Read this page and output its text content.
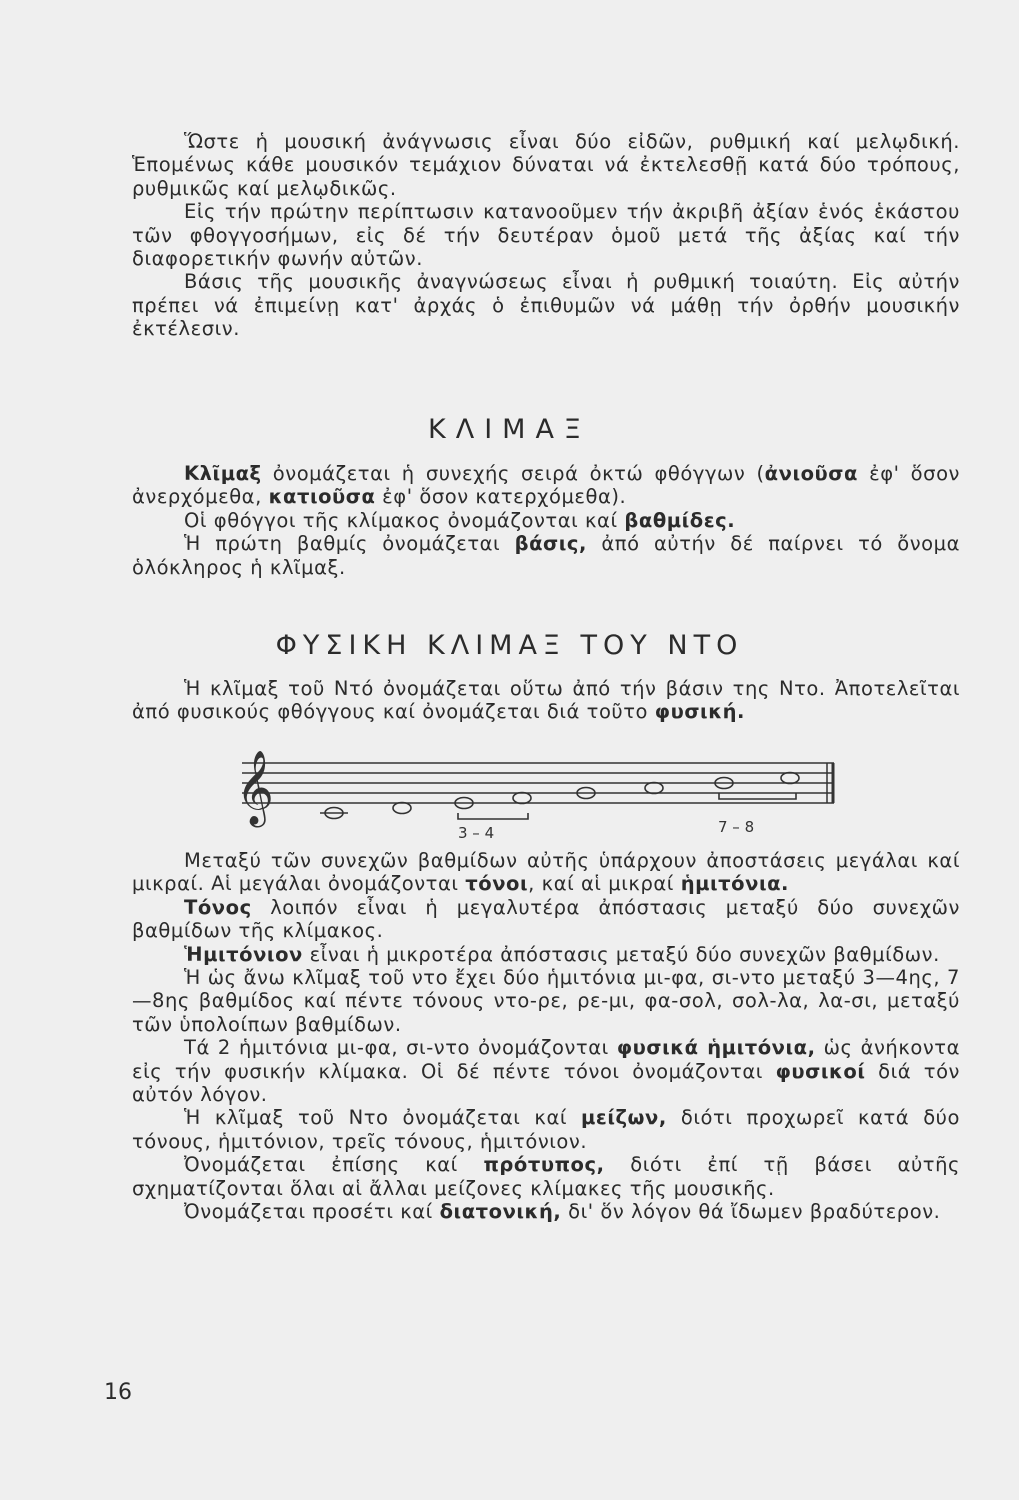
Ὥστε ἡ μουσική ἀνάγνωσις εἶναι δύο εἰδῶν, ρυθμική καί μελῳδική. Ἑπομένως κάθε μουσικόν τεμάχιον δύναται νά ἐκτελεσθῇ κατά δύο τρόπους, ρυθμικῶς καί μελῳδικῶς.

Εἰς τήν πρώτην περίπτωσιν κατανοοῦμεν τήν ἀκριβῆ ἀξίαν ἑνός ἑκάστου τῶν φθογγοσήμων, εἰς δέ τήν δευτέραν ὁμοῦ μετά τῆς ἀξίας καί τήν διαφορετικήν φωνήν αὐτῶν.

Βάσις τῆς μουσικῆς ἀναγνώσεως εἶναι ἡ ρυθμική τοιαύτη. Εἰς αὐτήν πρέπει νά ἐπιμείνῃ κατ' ἀρχάς ὁ ἐπιθυμῶν νά μάθῃ τήν ὀρθήν μουσικήν ἐκτέλεσιν.

ΚΛΙΜΑΞ

Κλῖμαξ ὀνομάζεται ἡ συνεχής σειρά ὀκτώ φθόγγων (ἀνιοῦσα ἐφ' ὅσον ἀνερχόμεθα, κατιοῦσα ἐφ' ὅσον κατερχόμεθα).

Οἱ φθόγγοι τῆς κλίμακος ὀνομάζονται καί βαθμίδες.

Ἡ πρώτη βαθμίς ὀνομάζεται βάσις, ἀπό αὐτήν δέ παίρνει τό ὄνομα ὁλόκληρος ἡ κλῖμαξ.

ΦΥΣΙΚΗ ΚΛΙΜΑΞ ΤΟΥ ΝΤΟ

Ἡ κλῖμαξ τοῦ Ντό ὀνομάζεται οὕτω ἀπό τήν βάσιν της Ντο. Ἀποτελεῖται ἀπό φυσικούς φθόγγους καί ὀνομάζεται διά τοῦτο φυσική.

𝄞
3 – 4	7 – 8

Μεταξύ τῶν συνεχῶν βαθμίδων αὐτῆς ὑπάρχουν ἀποστάσεις μεγάλαι καί μικραί. Αἱ μεγάλαι ὀνομάζονται τόνοι, καί αἱ μικραί ἡμιτόνια.

Τόνος λοιπόν εἶναι ἡ μεγαλυτέρα ἀπόστασις μεταξύ δύο συνεχῶν βαθμίδων τῆς κλίμακος.

Ἡμιτόνιον εἶναι ἡ μικροτέρα ἀπόστασις μεταξύ δύο συνεχῶν βαθμίδων.

Ἡ ὡς ἄνω κλῖμαξ τοῦ ντο ἔχει δύο ἡμιτόνια μι-φα, σι-ντο μεταξύ 3—4ης, 7—8ης βαθμίδος καί πέντε τόνους ντο-ρε, ρε-μι, φα-σολ, σολ-λα, λα-σι, μεταξύ τῶν ὑπολοίπων βαθμίδων.

Τά 2 ἡμιτόνια μι-φα, σι-ντο ὀνομάζονται φυσικά ἡμιτόνια, ὡς ἀνήκοντα εἰς τήν φυσικήν κλίμακα. Οἱ δέ πέντε τόνοι ὀνομάζονται φυσικοί διά τόν αὐτόν λόγον.

Ἡ κλῖμαξ τοῦ Ντο ὀνομάζεται καί μείζων, διότι προχωρεῖ κατά δύο τόνους, ἡμιτόνιον, τρεῖς τόνους, ἡμιτόνιον.

Ὀνομάζεται ἐπίσης καί πρότυπος, διότι ἐπί τῇ βάσει αὐτῆς σχηματίζονται ὅλαι αἱ ἄλλαι μείζονες κλίμακες τῆς μουσικῆς.

Ὀνομάζεται προσέτι καί διατονική, δι' ὅν λόγον θά ἴδωμεν βραδύτερον.

16
